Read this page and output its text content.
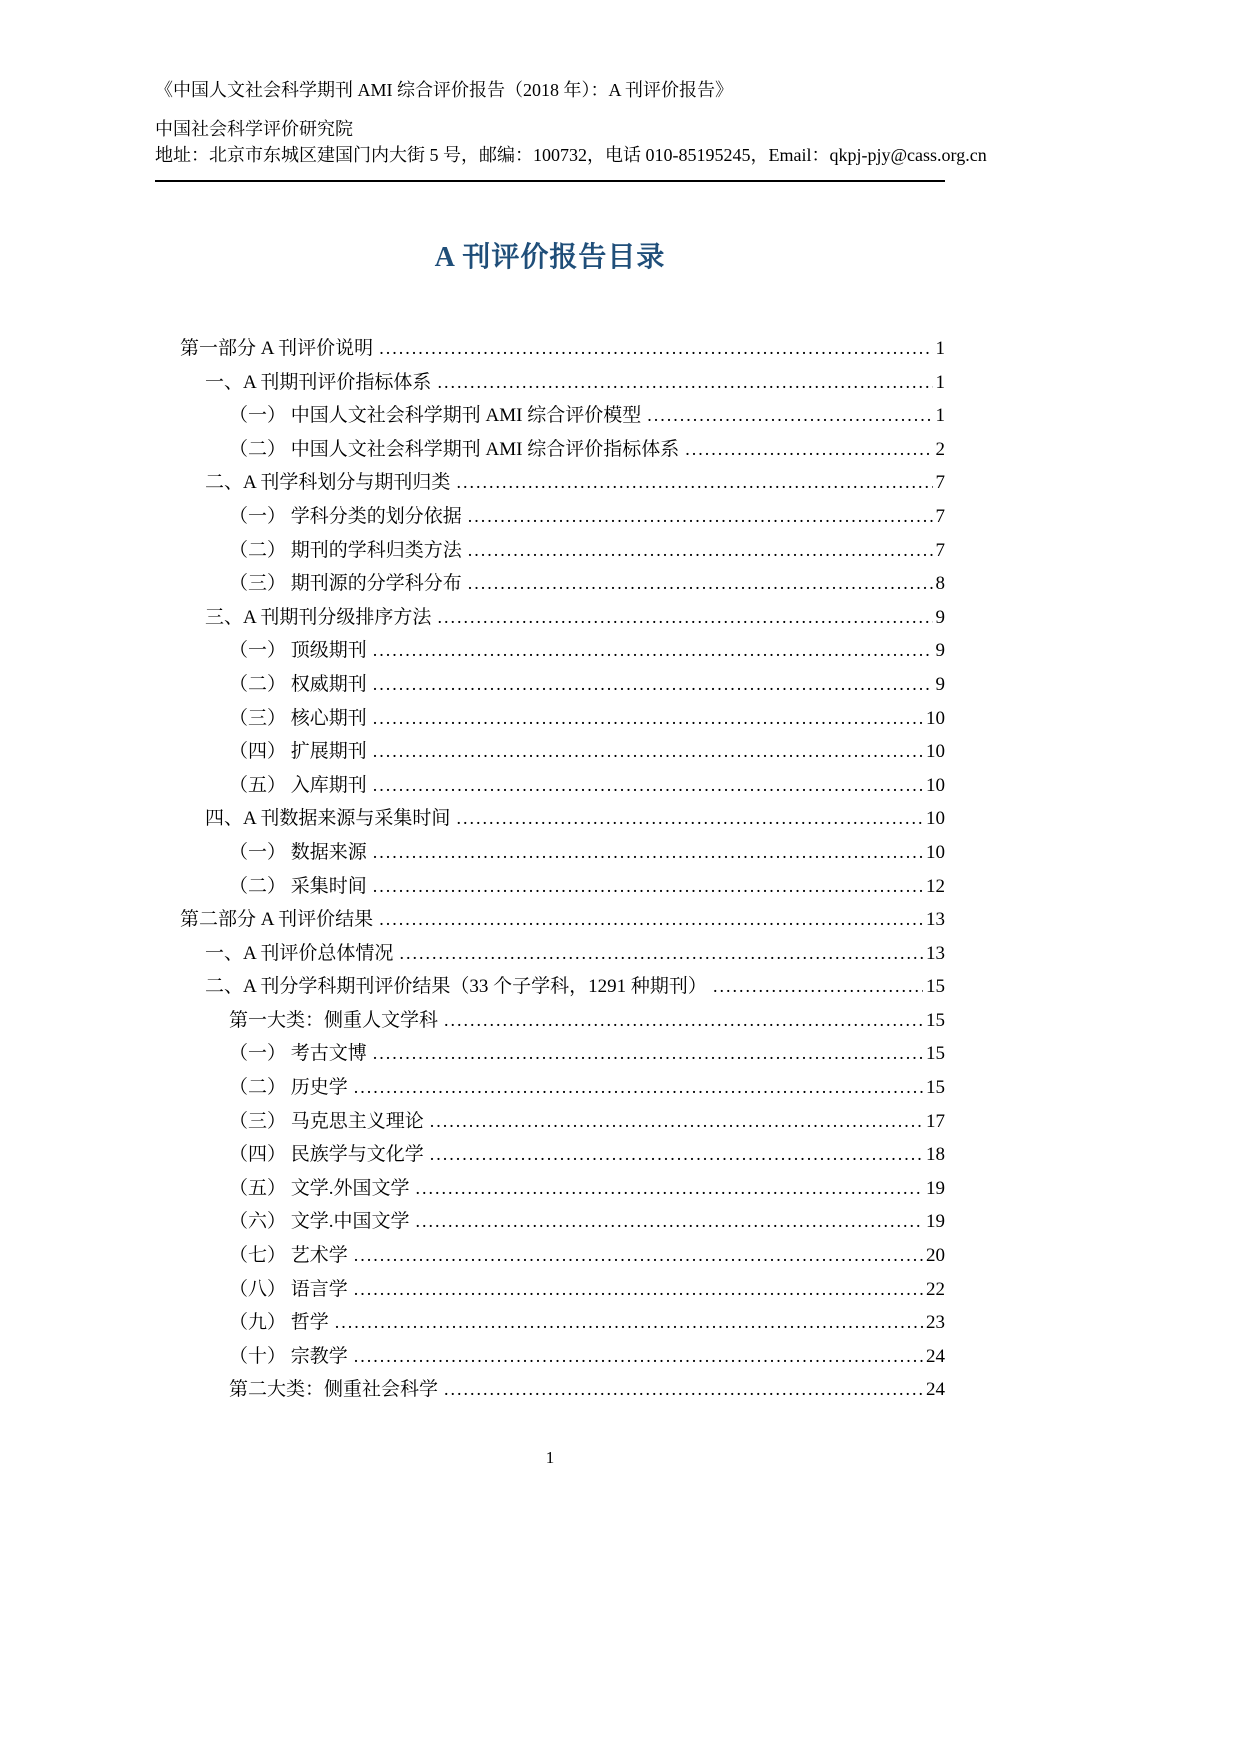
《中国人文社会科学期刊 AMI 综合评价报告（2018 年）：A 刊评价报告》
中国社会科学评价研究院
地址：北京市东城区建国门内大街 5 号，邮编：100732，电话 010-85195245，Email：qkpj-pjy@cass.org.cn
A 刊评价报告目录
第一部分 A 刊评价说明 .....	1
一、A 刊期刊评价指标体系 .....	1
（一） 中国人文社会科学期刊 AMI 综合评价模型 .....	1
（二） 中国人文社会科学期刊 AMI 综合评价指标体系 .....	2
二、A 刊学科划分与期刊归类 .....	7
（一） 学科分类的划分依据 .....	7
（二） 期刊的学科归类方法 .....	7
（三） 期刊源的分学科分布 .....	8
三、A 刊期刊分级排序方法 .....	9
（一） 顶级期刊 .....	9
（二） 权威期刊 .....	9
（三） 核心期刊 .....	10
（四） 扩展期刊 .....	10
（五） 入库期刊 .....	10
四、A 刊数据来源与采集时间 .....	10
（一） 数据来源 .....	10
（二） 采集时间 .....	12
第二部分 A 刊评价结果 .....	13
一、A 刊评价总体情况 .....	13
二、A 刊分学科期刊评价结果（33 个子学科，1291 种期刊） .....	15
第一大类：侧重人文学科 .....	15
（一） 考古文博 .....	15
（二） 历史学 .....	15
（三） 马克思主义理论 .....	17
（四） 民族学与文化学 .....	18
（五） 文学.外国文学 .....	19
（六） 文学.中国文学 .....	19
（七） 艺术学 .....	20
（八） 语言学 .....	22
（九） 哲学 .....	23
（十） 宗教学 .....	24
第二大类：侧重社会科学 .....	24
1
